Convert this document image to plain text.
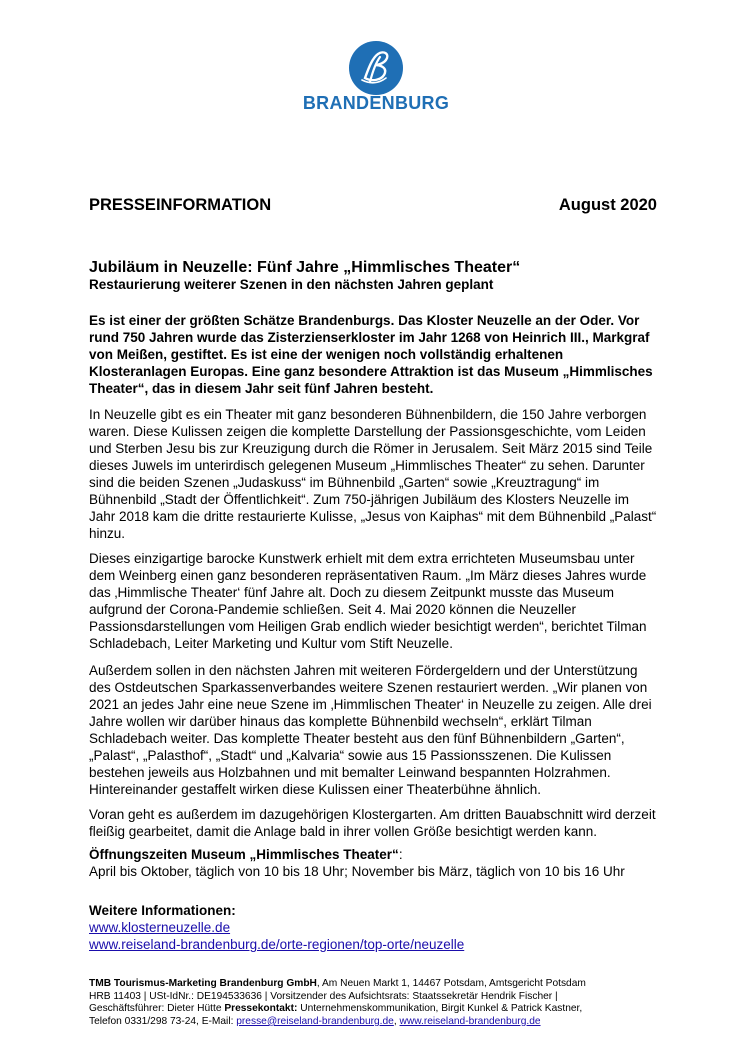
BRANDENBURG
PRESSEINFORMATION	August 2020
Jubiläum in Neuzelle: Fünf Jahre „Himmlisches Theater“
Restaurierung weiterer Szenen in den nächsten Jahren geplant
Es ist einer der größten Schätze Brandenburgs. Das Kloster Neuzelle an der Oder. Vor rund 750 Jahren wurde das Zisterzienserkloster im Jahr 1268 von Heinrich III., Markgraf von Meißen, gestiftet. Es ist eine der wenigen noch vollständig erhaltenen Klosteranlagen Europas. Eine ganz besondere Attraktion ist das Museum „Himmlisches Theater“, das in diesem Jahr seit fünf Jahren besteht.
In Neuzelle gibt es ein Theater mit ganz besonderen Bühnenbildern, die 150 Jahre verborgen waren. Diese Kulissen zeigen die komplette Darstellung der Passionsgeschichte, vom Leiden und Sterben Jesu bis zur Kreuzigung durch die Römer in Jerusalem. Seit März 2015 sind Teile dieses Juwels im unterirdisch gelegenen Museum „Himmlisches Theater“ zu sehen. Darunter sind die beiden Szenen „Judaskuss“ im Bühnenbild „Garten“ sowie „Kreuztragung“ im Bühnenbild „Stadt der Öffentlichkeit“. Zum 750-jährigen Jubiläum des Klosters Neuzelle im Jahr 2018 kam die dritte restaurierte Kulisse, „Jesus von Kaiphas“ mit dem Bühnenbild „Palast“ hinzu.
Dieses einzigartige barocke Kunstwerk erhielt mit dem extra errichteten Museumsbau unter dem Weinberg einen ganz besonderen repräsentativen Raum. „Im März dieses Jahres wurde das ‚Himmlische Theater‘ fünf Jahre alt. Doch zu diesem Zeitpunkt musste das Museum aufgrund der Corona-Pandemie schließen. Seit 4. Mai 2020 können die Neuzeller Passionsdarstellungen vom Heiligen Grab endlich wieder besichtigt werden“, berichtet Tilman Schladebach, Leiter Marketing und Kultur vom Stift Neuzelle.
Außerdem sollen in den nächsten Jahren mit weiteren Fördergeldern und der Unterstützung des Ostdeutschen Sparkassenverbandes weitere Szenen restauriert werden. „Wir planen von 2021 an jedes Jahr eine neue Szene im ‚Himmlischen Theater‘ in Neuzelle zu zeigen. Alle drei Jahre wollen wir darüber hinaus das komplette Bühnenbild wechseln“, erklärt Tilman Schladebach weiter. Das komplette Theater besteht aus den fünf Bühnenbildern „Garten“, „Palast“, „Palasthof“, „Stadt“ und „Kalvaria“ sowie aus 15 Passionsszenen. Die Kulissen bestehen jeweils aus Holzbahnen und mit bemalter Leinwand bespannten Holzrahmen. Hintereinander gestaffelt wirken diese Kulissen einer Theaterbühne ähnlich.
Voran geht es außerdem im dazugehörigen Klostergarten. Am dritten Bauabschnitt wird derzeit fleißig gearbeitet, damit die Anlage bald in ihrer vollen Größe besichtigt werden kann.
Öffnungszeiten Museum „Himmlisches Theater“:
April bis Oktober, täglich von 10 bis 18 Uhr; November bis März, täglich von 10 bis 16 Uhr
Weitere Informationen:
www.klosterneuzelle.de
www.reiseland-brandenburg.de/orte-regionen/top-orte/neuzelle
TMB Tourismus-Marketing Brandenburg GmbH, Am Neuen Markt 1, 14467 Potsdam, Amtsgericht Potsdam
HRB 11403 | USt-IdNr.: DE194533636 | Vorsitzender des Aufsichtsrats: Staatssekretär Hendrik Fischer |
Geschäftsführer: Dieter Hütte Pressekontakt: Unternehmenskommunikation, Birgit Kunkel & Patrick Kastner,
Telefon 0331/298 73-24, E-Mail: presse@reiseland-brandenburg.de, www.reiseland-brandenburg.de
